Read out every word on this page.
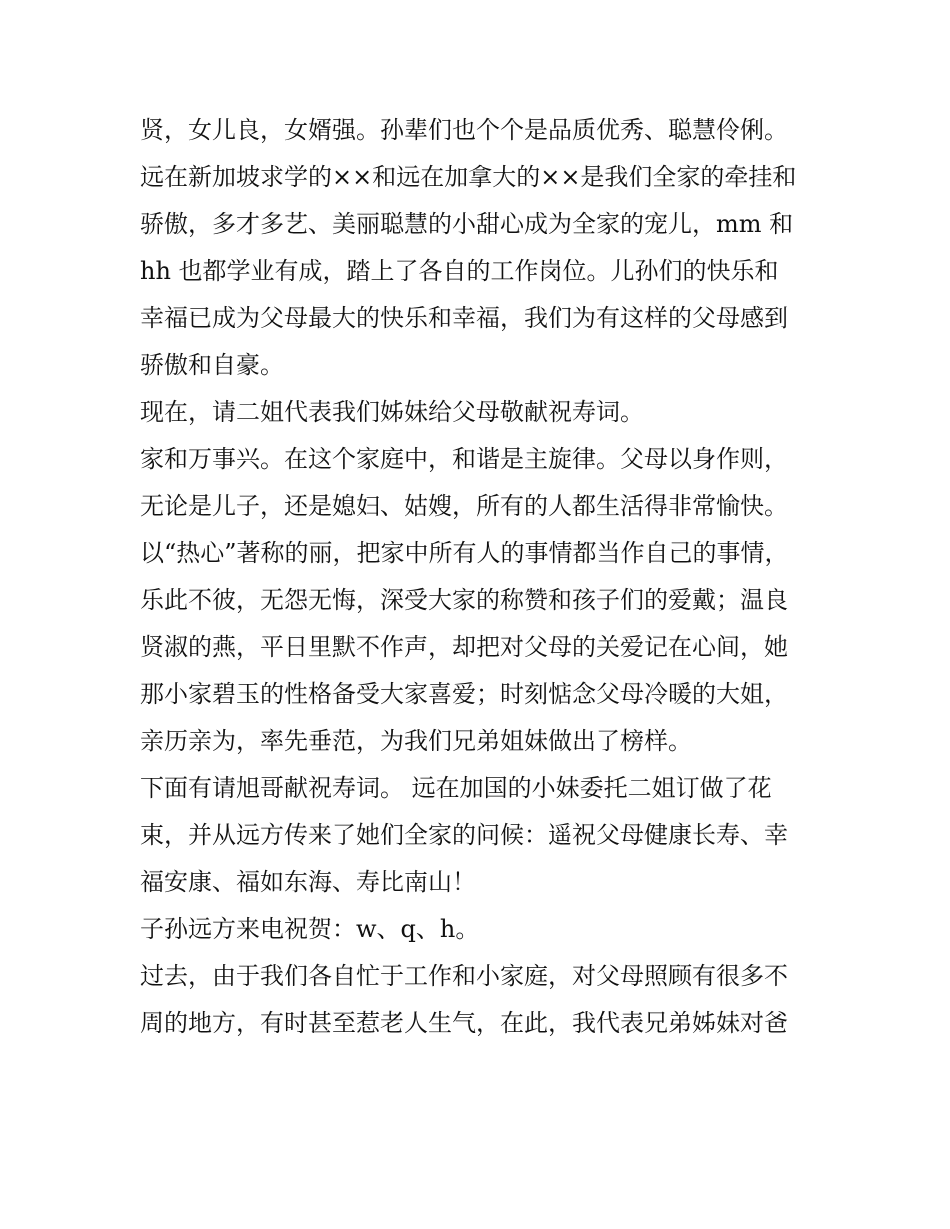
贤，女儿良，女婿强。孙辈们也个个是品质优秀、聪慧伶俐。
远在新加坡求学的××和远在加拿大的××是我们全家的牵挂和
骄傲，多才多艺、美丽聪慧的小甜心成为全家的宠儿，mm 和
hh 也都学业有成，踏上了各自的工作岗位。儿孙们的快乐和
幸福已成为父母最大的快乐和幸福，我们为有这样的父母感到
骄傲和自豪。

现在，请二姐代表我们姊妹给父母敬献祝寿词。

家和万事兴。在这个家庭中，和谐是主旋律。父母以身作则，
无论是儿子，还是媳妇、姑嫂，所有的人都生活得非常愉快。
以“热心”著称的丽，把家中所有人的事情都当作自己的事情，
乐此不彼，无怨无悔，深受大家的称赞和孩子们的爱戴；温良
贤淑的燕，平日里默不作声，却把对父母的关爱记在心间，她
那小家碧玉的性格备受大家喜爱；时刻惦念父母冷暖的大姐，
亲历亲为，率先垂范，为我们兄弟姐妹做出了榜样。

下面有请旭哥献祝寿词。 远在加国的小妹委托二姐订做了花
束，并从远方传来了她们全家的问候：遥祝父母健康长寿、幸
福安康、福如东海、寿比南山！

子孙远方来电祝贺：w、q、h。

过去，由于我们各自忙于工作和小家庭，对父母照顾有很多不
周的地方，有时甚至惹老人生气，在此，我代表兄弟姊妹对爸
